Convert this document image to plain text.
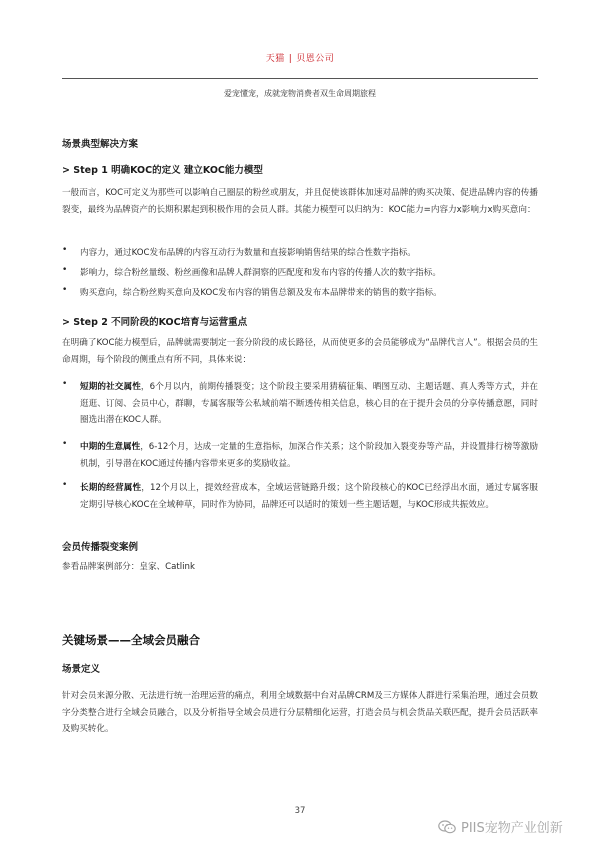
天猫 | 贝恩公司
爱宠懂宠，成就宠物消费者双生命周期旅程
场景典型解决方案
> Step 1 明确KOC的定义 建立KOC能力模型
一般而言，KOC可定义为那些可以影响自己圈层的粉丝或朋友，并且促使该群体加速对品牌的购买决策、促进品牌内容的传播裂变，最终为品牌资产的长期积累起到积极作用的会员人群。其能力模型可以归纳为：KOC能力=内容力x影响力x购买意向：
•	内容力，通过KOC发布品牌的内容互动行为数量和直接影响销售结果的综合性数字指标。
•	影响力，综合粉丝量级、粉丝画像和品牌人群洞察的匹配度和发布内容的传播人次的数字指标。
•	购买意向，综合粉丝购买意向及KOC发布内容的销售总额及发布本品牌带来的销售的数字指标。
> Step 2 不同阶段的KOC培育与运营重点
在明确了KOC能力模型后，品牌就需要制定一套分阶段的成长路径，从而使更多的会员能够成为“品牌代言人”。根据会员的生命周期，每个阶段的侧重点有所不同，具体来说：
•	短期的社交属性，6个月以内，前期传播裂变；这个阶段主要采用猜稿征集、晒图互动、主题话题、真人秀等方式，并在逛逛、订阅、会员中心，群聊，专属客服等公私域前端不断透传相关信息，核心目的在于提升会员的分享传播意愿，同时圈选出潜在KOC人群。
•	中期的生意属性，6-12个月，达成一定量的生意指标，加深合作关系；这个阶段加入裂变券等产品，并设置排行榜等激励机制，引导潜在KOC通过传播内容带来更多的奖励收益。
•	长期的经营属性，12个月以上，提效经营成本，全域运营链路升级；这个阶段核心的KOC已经浮出水面，通过专属客服定期引导核心KOC在全域种草，同时作为协同，品牌还可以适时的策划一些主题话题，与KOC形成共振效应。
会员传播裂变案例
参看品牌案例部分：皇家、Catlink
关键场景——全域会员融合
场景定义
针对会员来源分散、无法进行统一治理运营的痛点，利用全域数据中台对品牌CRM及三方媒体人群进行采集治理，通过会员数字分类整合进行全域会员融合，以及分析指导全域会员进行分层精细化运营，打造会员与机会货品关联匹配，提升会员活跃率及购买转化。
37
PIIS宠物产业创新
